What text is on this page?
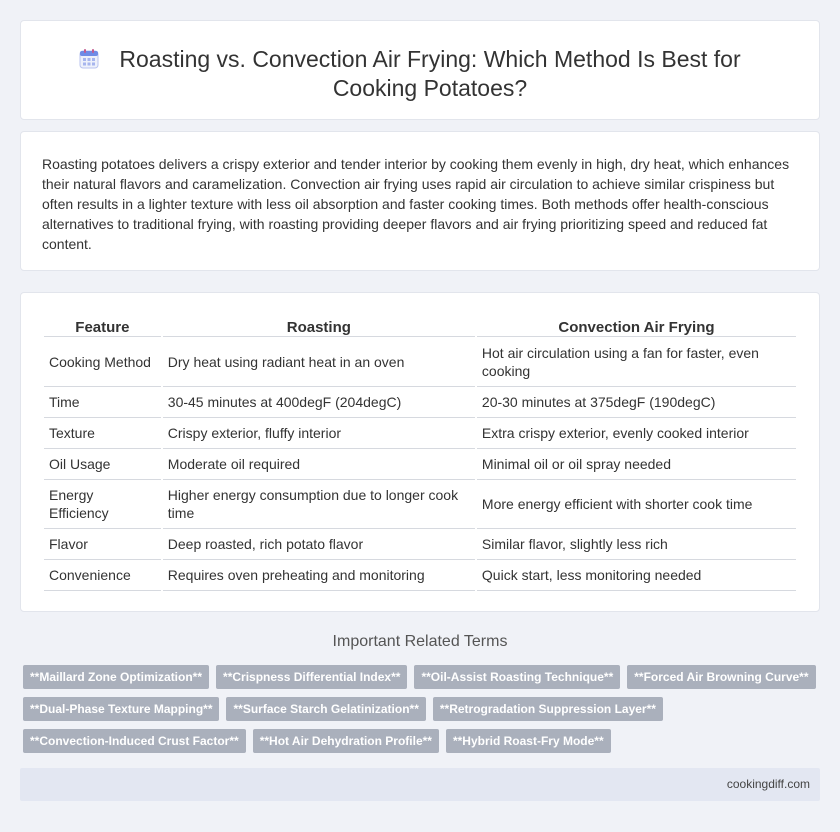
Roasting vs. Convection Air Frying: Which Method Is Best for Cooking Potatoes?

Roasting potatoes delivers a crispy exterior and tender interior by cooking them evenly in high, dry heat, which enhances their natural flavors and caramelization. Convection air frying uses rapid air circulation to achieve similar crispiness but often results in a lighter texture with less oil absorption and faster cooking times. Both methods offer health-conscious alternatives to traditional frying, with roasting providing deeper flavors and air frying prioritizing speed and reduced fat content.

Feature	Roasting	Convection Air Frying
Cooking Method	Dry heat using radiant heat in an oven	Hot air circulation using a fan for faster, even cooking
Time	30-45 minutes at 400degF (204degC)	20-30 minutes at 375degF (190degC)
Texture	Crispy exterior, fluffy interior	Extra crispy exterior, evenly cooked interior
Oil Usage	Moderate oil required	Minimal oil or oil spray needed
Energy Efficiency	Higher energy consumption due to longer cook time	More energy efficient with shorter cook time
Flavor	Deep roasted, rich potato flavor	Similar flavor, slightly less rich
Convenience	Requires oven preheating and monitoring	Quick start, less monitoring needed
Important Related Terms
**Maillard Zone Optimization**	**Crispness Differential Index**	**Oil-Assist Roasting Technique**	**Forced Air Browning Curve**
**Dual-Phase Texture Mapping**	**Surface Starch Gelatinization**	**Retrogradation Suppression Layer**
**Convection-Induced Crust Factor**	**Hot Air Dehydration Profile**	**Hybrid Roast-Fry Mode**
cookingdiff.com
